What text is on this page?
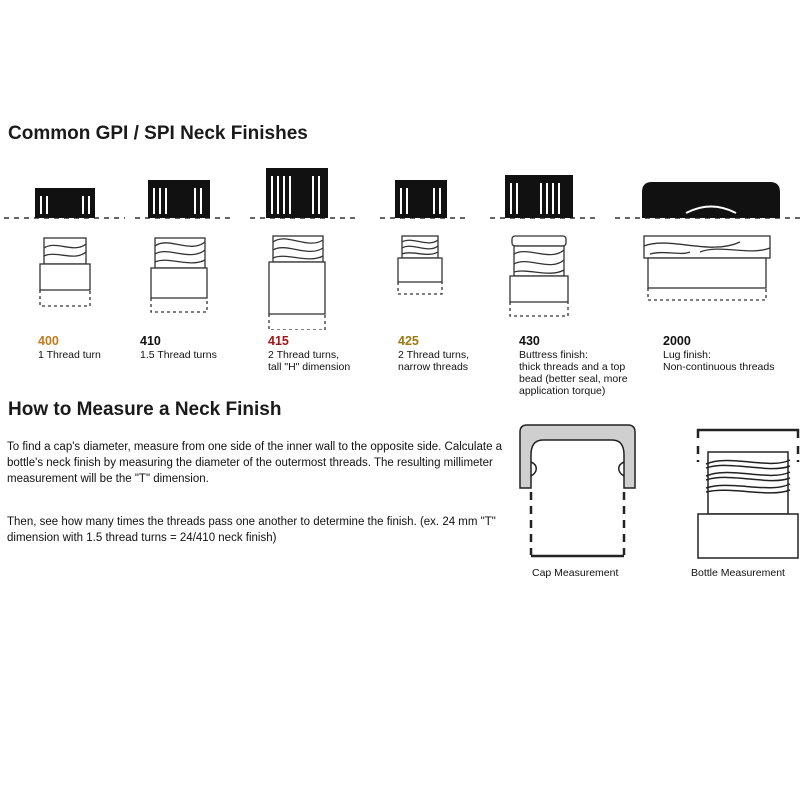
Common GPI / SPI Neck Finishes
400
1 Thread turn
410
1.5 Thread turns
415
2 Thread turns,
tall "H" dimension
425
2 Thread turns,
narrow threads
430
Buttress finish:
thick threads and a top
bead (better seal, more
application torque)
2000
Lug finish:
Non-continuous threads
How to Measure a Neck Finish

To find a cap's diameter, measure from one side of the inner wall to the opposite side. Calculate a bottle's neck finish by measuring the diameter of the outermost threads. The resulting millimeter measurement will be the "T" dimension.

Then, see how many times the threads pass one another to determine the finish. (ex. 24 mm "T" dimension with 1.5 thread turns = 24/410 neck finish)

Cap Measurement	Bottle Measurement
